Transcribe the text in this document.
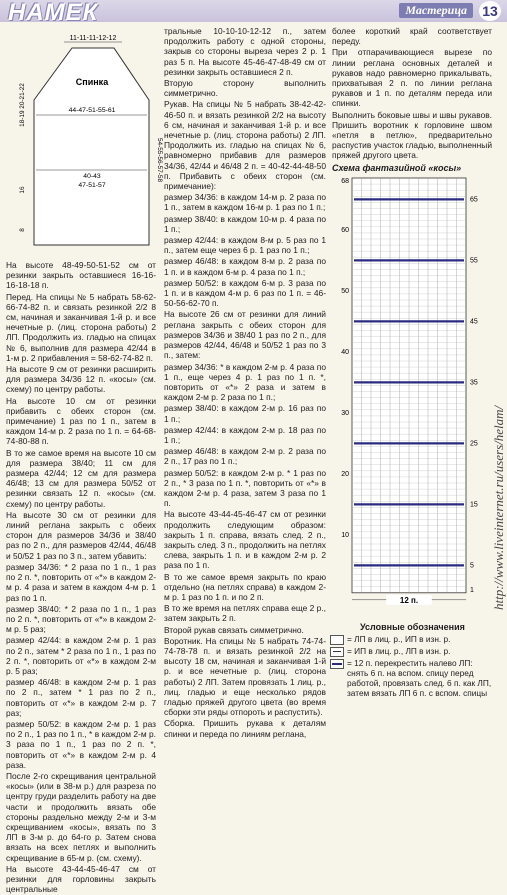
НАМЕК	Мастерица	13
11-11-11-12-12
Спинка
44-47-51-55-61
40-43
47-51-57
18-19 20-21-22
54-55-56-57-58
16
8

На высоте 48-49-50-51-52 см от резинки закрыть оставшиеся 16-16-16-18-18 п.

Перед. На спицы № 5 набрать 58-62-66-74-82 п. и связать резинкой 2/2 8 см, начиная и заканчивая 1-й р. и все нечетные р. (лиц. сторона работы) 2 ЛП. Продолжить из. гладью на спицах № 6, выполнив для размера 42/44 в 1-м р. 2 прибавления = 58-62-74-82 п.

На высоте 9 см от резинки расширить для размера 34/36 12 п. «косы» (см. схему) по центру работы.

На высоте 10 см от резинки прибавить с обеих сторон (см. примечание) 1 раз по 1 п., затем в каждом 14-м р. 2 раза по 1 п. = 64-68-74-80-88 п.

В то же самое время на высоте 10 см для размера 38/40; 11 см для размера 42/44; 12 см для размера 46/48; 13 см для размера 50/52 от резинки связать 12 п. «косы» (см. схему) по центру работы.

На высоте 30 см от резинки для линий реглана закрыть с обеих сторон для размеров 34/36 и 38/40 раз по 2 п., для размеров 42/44, 46/48 и 50/52 1 раз по 3 п., затем убавить:

размер 34/36: * 2 раза по 1 п., 1 раз по 2 п. *, повторить от «*» в каждом 2-м р. 4 раза и затем в каждом 4-м р. 1 раз по 1 п.

размер 38/40: * 2 раза по 1 п., 1 раз по 2 п. *, повторить от «*» в каждом 2-м р. 5 раз;

размер 42/44: в каждом 2-м р. 1 раз по 2 п., затем * 2 раза по 1 п., 1 раз по 2 п. *, повторить от «*» в каждом 2-м р. 5 раз;

размер 46/48: в каждом 2-м р. 1 раз по 2 п., затем * 1 раз по 2 п., повторить от «*» в каждом 2-м р. 7 раз;

размер 50/52: в каждом 2-м р. 1 раз по 2 п., 1 раз по 1 п., * в каждом 2-м р. 3 раза по 1 п., 1 раз по 2 п. *, повторить от «*» в каждом 2-м р. 4 раза.

После 2-го скрещивания центральной «косы» (или в 38-м р.) для разреза по центру груди разделить работу на две части и продолжить вязать обе стороны раздельно между 2-м и 3-м скрещиванием «косы», вязать по 3 ЛП в 3-м р. до 64-го р. Затем снова вязать на всех петлях и выполнить скрещивание в 65-м р. (см. схему).

На высоте 43-44-45-46-47 см от резинки для горловины закрыть центральные

тральные 10-10-10-12-12 п., затем продолжить работу с одной стороны, закрыв со стороны выреза через 2 р. 1 раз 5 п. На высоте 45-46-47-48-49 см от резинки закрыть оставшиеся 2 п.

Вторую сторону выполнить симметрично.

Рукав. На спицы № 5 набрать 38-42-42-46-50 п. и вязать резинкой 2/2 на высоту 6 см, начиная и заканчивая 1-й р. и все нечетные р. (лиц. сторона работы) 2 ЛП. Продолжить из. гладью на спицах № 6, равномерно прибавив для размеров 34/36, 42/44 и 46/48 2 п. = 40-42-44-48-50 п. Прибавить с обеих сторон (см. примечание):

размер 34/36: в каждом 14-м р. 2 раза по 1 п., затем в каждом 16-м р. 1 раз по 1 п.;

размер 38/40: в каждом 10-м р. 4 раза по 1 п.;

размер 42/44: в каждом 8-м р. 5 раз по 1 п., затем еще через 6 р. 1 раз по 1 п.;

размер 46/48: в каждом 8-м р. 2 раза по 1 п. и в каждом 6-м р. 4 раза по 1 п.;

размер 50/52: в каждом 6-м р. 3 раза по 1 п. и в каждом 4-м р. 6 раз по 1 п. = 46-50-56-62-70 п.

На высоте 26 см от резинки для линий реглана закрыть с обеих сторон для размеров 34/36 и 38/40 1 раз по 2 п., для размеров 42/44, 46/48 и 50/52 1 раз по 3 п., затем:

размер 34/36: * в каждом 2-м р. 4 раза по 1 п., еще через 4 р. 1 раз по 1 п. *, повторить от «*» 2 раза и затем в каждом 2-м р. 2 раза по 1 п.;

размер 38/40: в каждом 2-м р. 16 раз по 1 п.;

размер 42/44: в каждом 2-м р. 18 раз по 1 п.;

размер 46/48: в каждом 2-м р. 2 раза по 2 п., 17 раз по 1 п.;

размер 50/52: в каждом 2-м р. * 1 раз по 2 п., * 3 раза по 1 п. *, повторить от «*» в каждом 2-м р. 4 раза, затем 3 раза по 1 п.

На высоте 43-44-45-46-47 см от резинки продолжить следующим образом: закрыть 1 п. справа, вязать след. 2 п., закрыть след. 3 п., продолжить на петлях слева, закрыть 1 п. и в каждом 2-м р. 2 раза по 1 п.

В то же самое время закрыть по краю отдельно (на петлях справа) в каждом 2-м р. 1 раз по 1 п. и по 2 п.

В то же время на петлях справа еще 2 р., затем закрыть 2 п.

Второй рукав связать симметрично.

Воротник. На спицы № 5 набрать 74-74-74-78-78 п. и вязать резинкой 2/2 на высоту 18 см, начиная и заканчивая 1-й р. и все нечетные р. (лиц. сторона работы) 2 ЛП. Затем провязать 1 лиц. р., лиц. гладью и еще несколько рядов гладью пряжей другого цвета (во время сборки эти ряды отпороть и распустить).

Сборка. Пришить рукава к деталям спинки и переда по линиям реглана,

более короткий край соответствует переду.

При отпарачивающиеся вырезе по линии реглана основных деталей и рукавов надо равномерно прикалывать, прихватывая 2 п. по линии реглана рукавов и 1 п. по деталям переда или спинки.

Выполнить боковые швы и швы рукавов. Пришить воротник к горловине швом «петля в петлю», предварительно распустив участок гладью, выполненный пряжей другого цвета.

Схема фантазийной «косы»
68
60
50
40
30
20
10
65
55
45
35
25
15
5
1
12 п.
Условные обозначения
= ЛП в лиц. р., ИП в изн. р.
= ИП в лиц. р., ЛП в изн. р.
= 12 п. перекрестить налево ЛП: снять 6 п. на вспом. спицу перед работой, провязать след. 6 п. как ЛП, затем вязать ЛП 6 п. с вспом. спицы
http://www.liveinternet.ru/users/helam/
